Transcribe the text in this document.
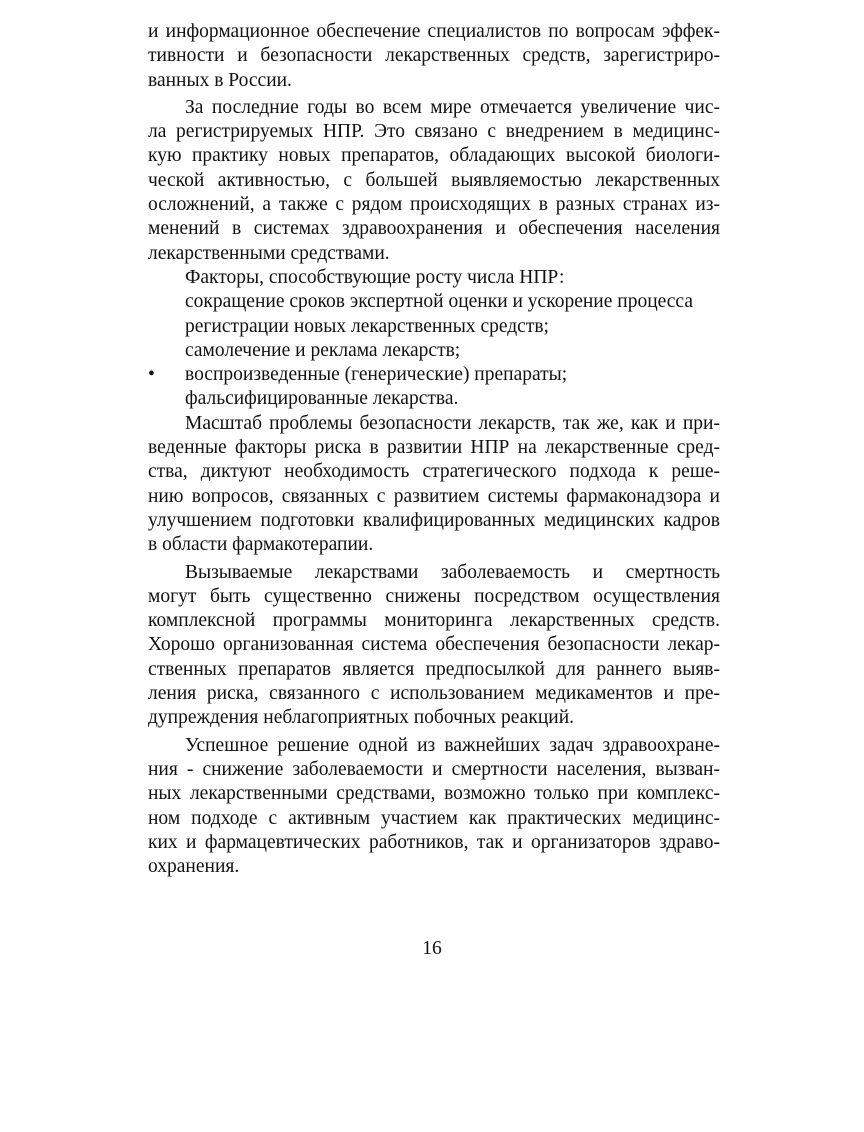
и информационное обеспечение специалистов по вопросам эффек-
тивности и безопасности лекарственных средств, зарегистриро-
ванных в России.
За последние годы во всем мире отмечается увеличение чис-
ла регистрируемых НПР. Это связано с внедрением в медицинс-
кую практику новых препаратов, обладающих высокой биологи-
ческой активностью, с большей выявляемостью лекарственных
осложнений, а также с рядом происходящих в разных странах из-
менений в системах здравоохранения и обеспечения населения
лекарственными средствами.
Факторы, способствующие росту числа НПР:
сокращение сроков экспертной оценки и ускорение процесса
регистрации новых лекарственных средств;
самолечение и реклама лекарств;
• воспроизведенные (генерические) препараты;
фальсифицированные лекарства.
Масштаб проблемы безопасности лекарств, так же, как и при-
веденные факторы риска в развитии НПР на лекарственные сред-
ства, диктуют необходимость стратегического подхода к реше-
нию вопросов, связанных с развитием системы фармаконадзора и
улучшением подготовки квалифицированных медицинских кадров
в области фармакотерапии.
Вызываемые лекарствами заболеваемость и смертность
могут быть существенно снижены посредством осуществления
комплексной программы мониторинга лекарственных средств.
Хорошо организованная система обеспечения безопасности лекар-
ственных препаратов является предпосылкой для раннего выяв-
ления риска, связанного с использованием медикаментов и пре-
дупреждения неблагоприятных побочных реакций.
Успешное решение одной из важнейших задач здравоохране-
ния - снижение заболеваемости и смертности населения, вызван-
ных лекарственными средствами, возможно только при комплекс-
ном подходе с активным участием как практических медицинс-
ких и фармацевтических работников, так и организаторов здраво-
охранения.
16
